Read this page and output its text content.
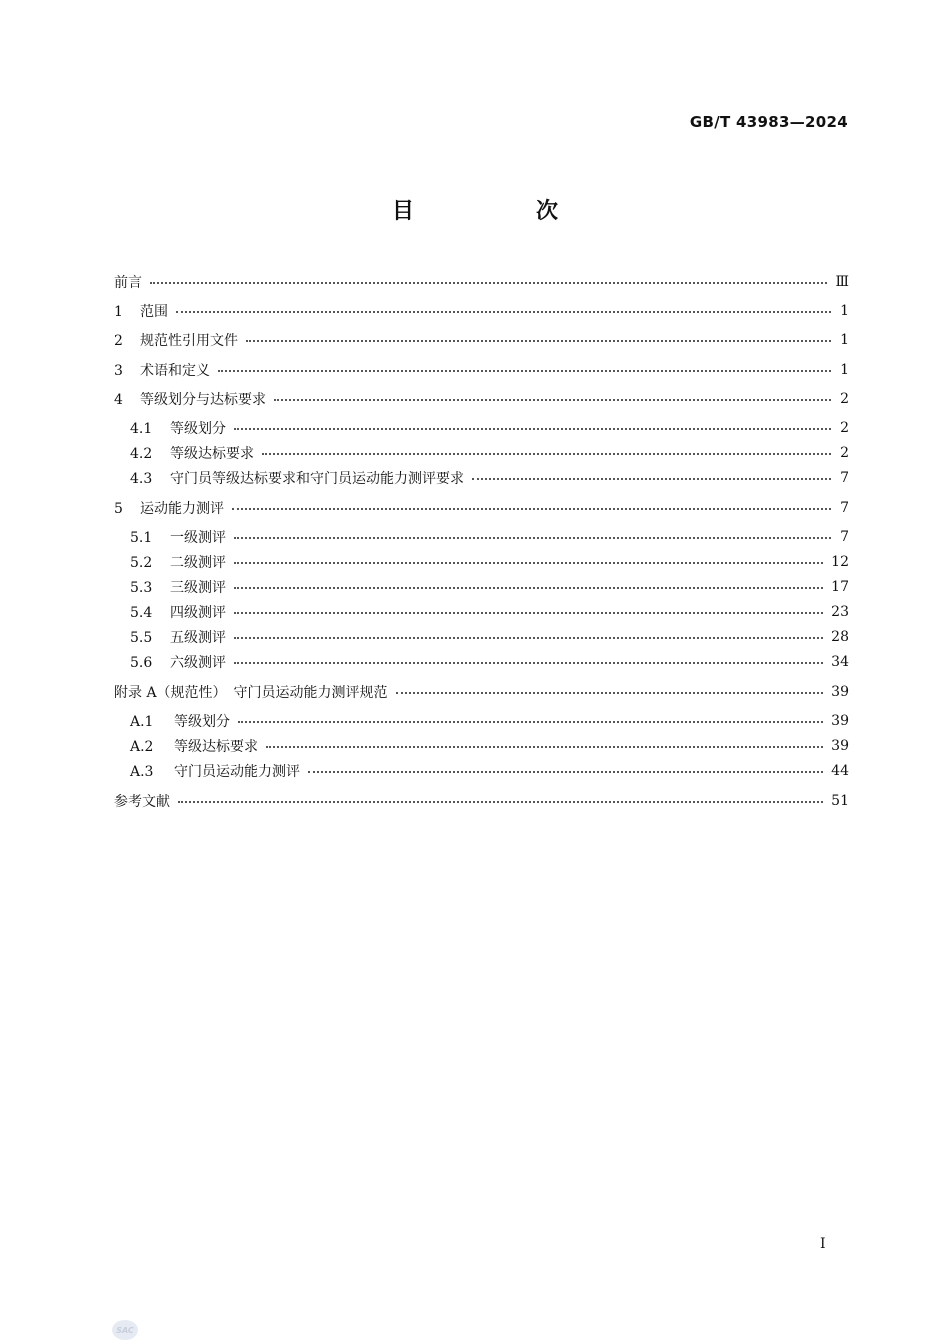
GB/T 43983—2024
目　次
前言	Ⅲ
1 范围	1
2 规范性引用文件	1
3 术语和定义	1
4 等级划分与达标要求	2
4.1 等级划分	2
4.2 等级达标要求	2
4.3 守门员等级达标要求和守门员运动能力测评要求	7
5 运动能力测评	7
5.1 一级测评	7
5.2 二级测评	12
5.3 三级测评	17
5.4 四级测评	23
5.5 五级测评	28
5.6 六级测评	34
附录 A（规范性）　守门员运动能力测评规范	39
A.1 等级划分	39
A.2 等级达标要求	39
A.3 守门员运动能力测评	44
参考文献	51
Ⅰ
SAC
